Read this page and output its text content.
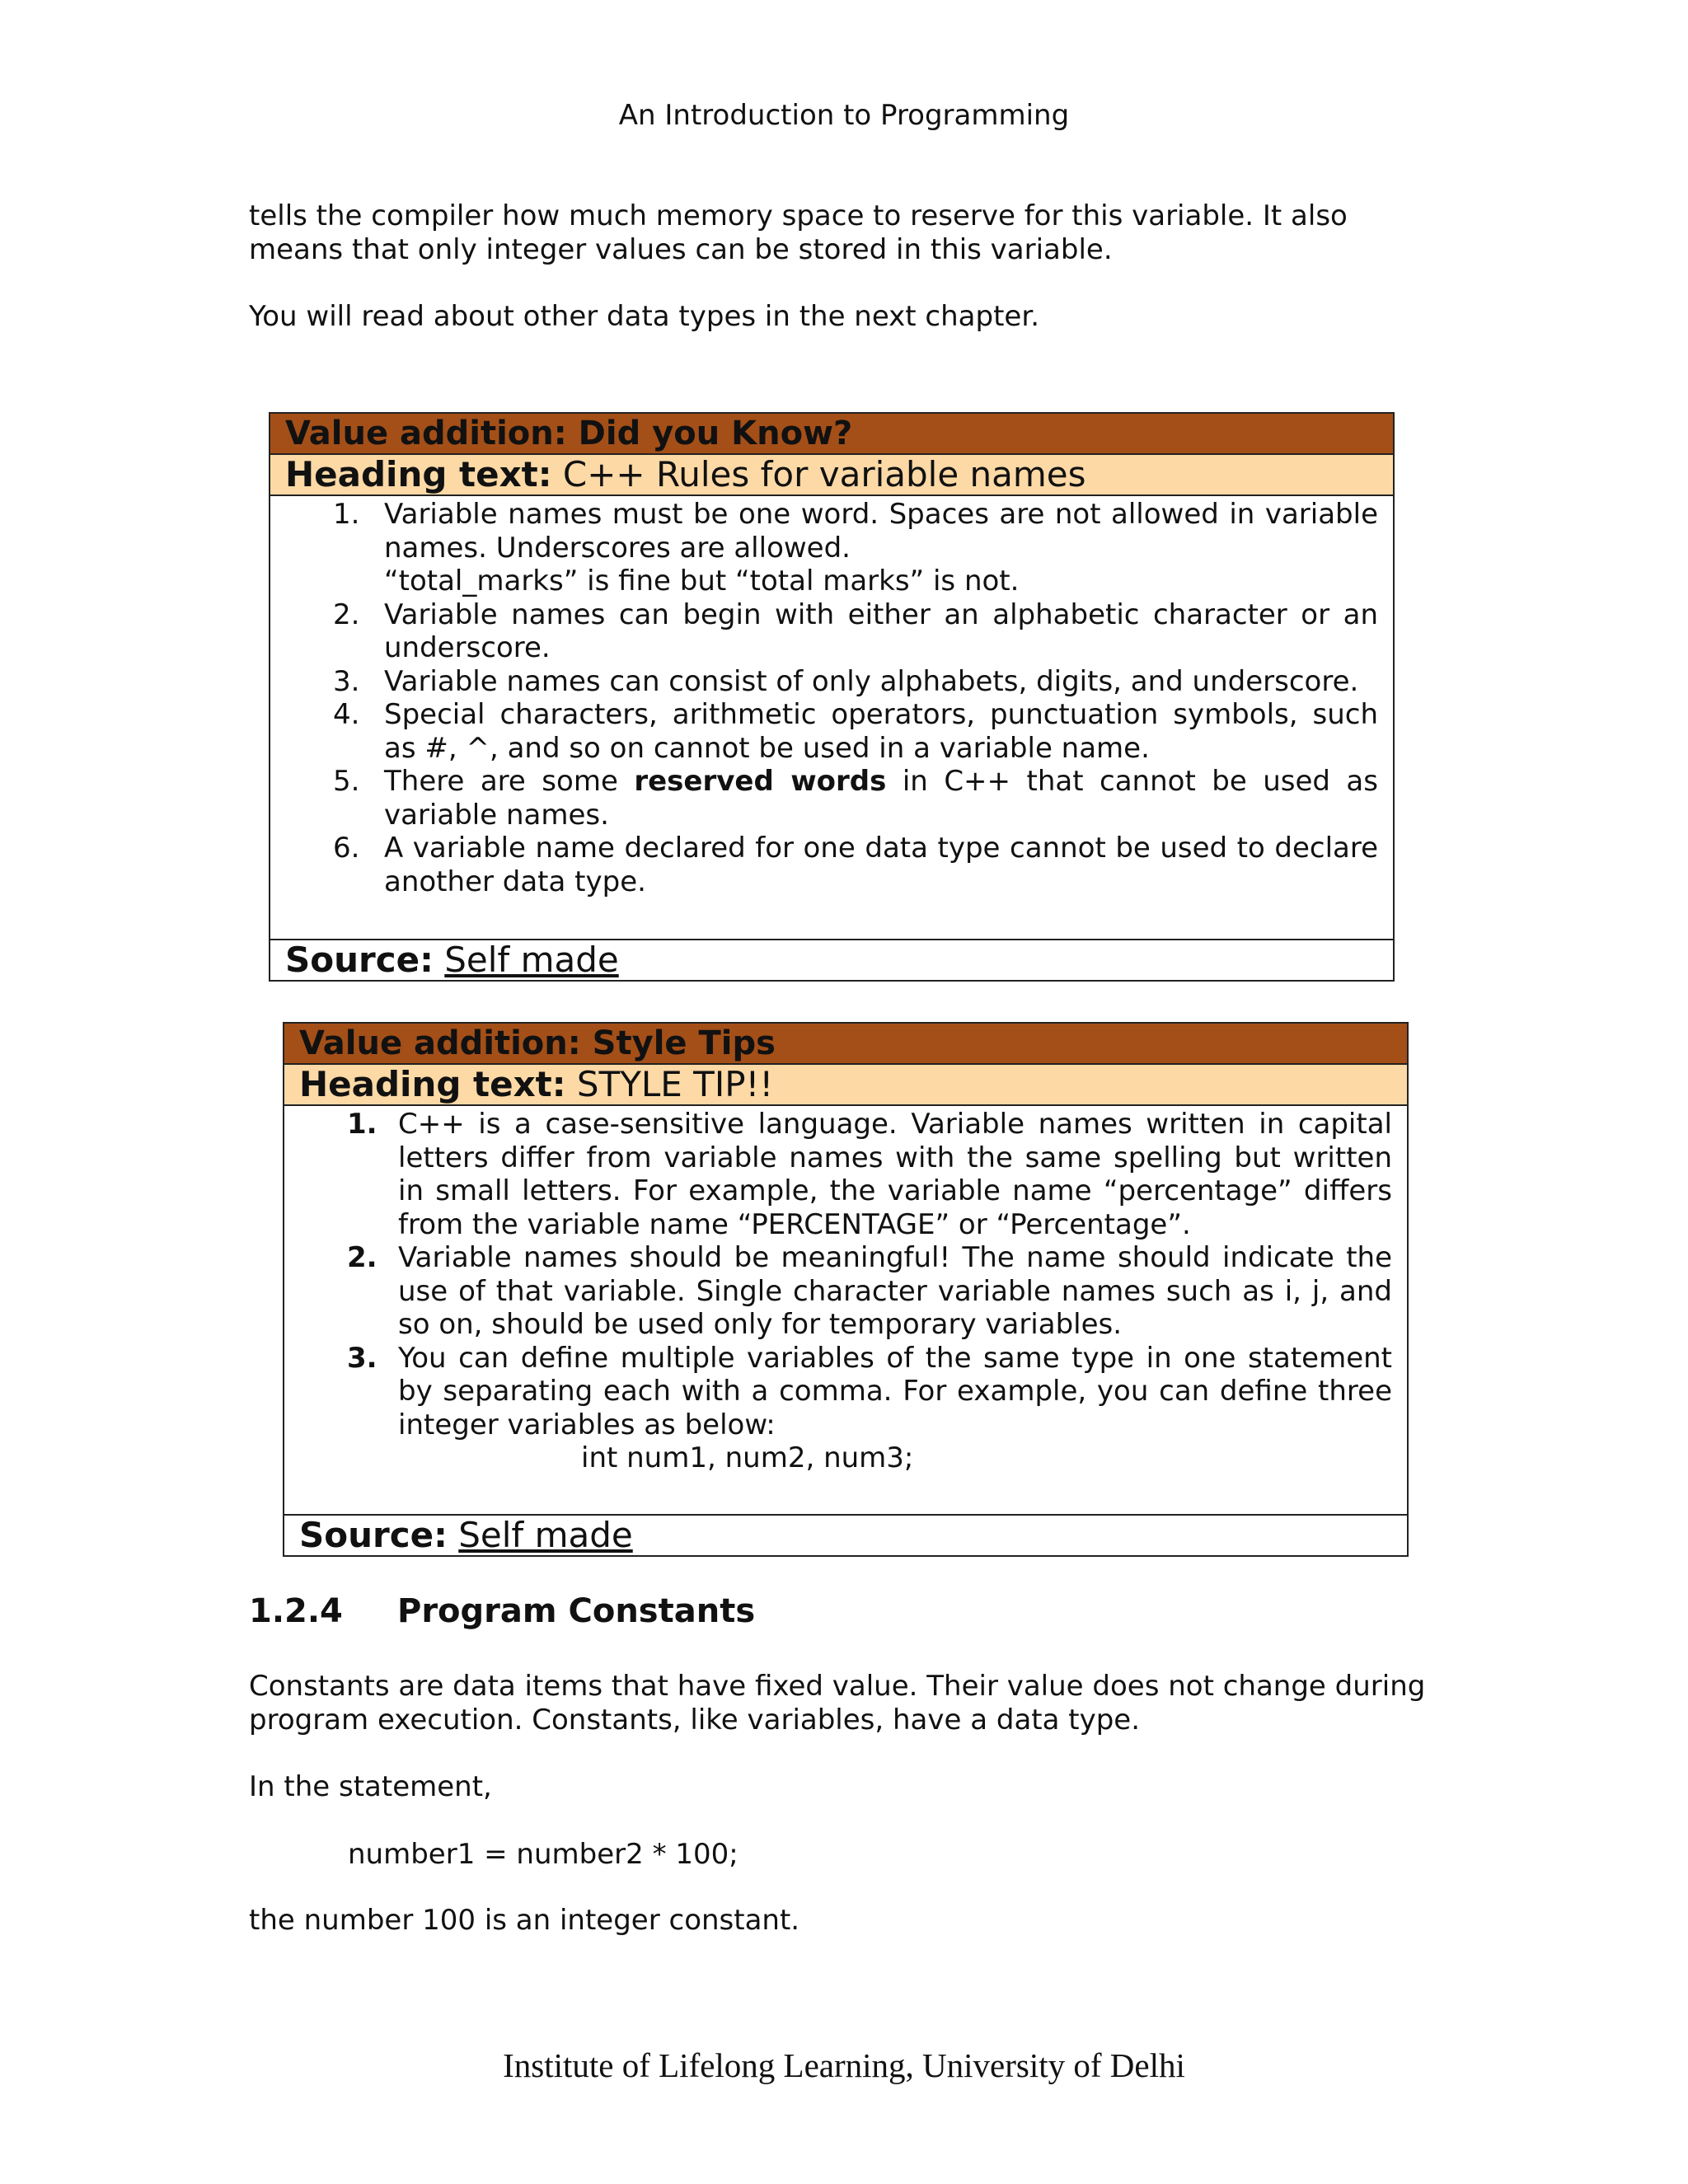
An Introduction to Programming

tells the compiler how much memory space to reserve for this variable. It also means that only integer values can be stored in this variable.

You will read about other data types in the next chapter.

Value addition: Did you Know?
Heading text: C++ Rules for variable names
1. Variable names must be one word. Spaces are not allowed in variable names. Underscores are allowed.
“total_marks” is fine but “total marks” is not.
2. Variable names can begin with either an alphabetic character or an underscore.
3. Variable names can consist of only alphabets, digits, and underscore.
4. Special characters, arithmetic operators, punctuation symbols, such as #, ^, and so on cannot be used in a variable name.
5. There are some reserved words in C++ that cannot be used as variable names.
6. A variable name declared for one data type cannot be used to declare another data type.
Source: Self made
Value addition: Style Tips
Heading text: STYLE TIP!!
1. C++ is a case-sensitive language. Variable names written in capital letters differ from variable names with the same spelling but written in small letters. For example, the variable name “percentage” differs from the variable name “PERCENTAGE” or “Percentage”.
2. Variable names should be meaningful! The name should indicate the use of that variable. Single character variable names such as i, j, and so on, should be used only for temporary variables.
3. You can define multiple variables of the same type in one statement by separating each with a comma. For example, you can define three integer variables as below:
int num1, num2, num3;
Source: Self made
1.2.4 Program Constants

Constants are data items that have fixed value. Their value does not change during program execution. Constants, like variables, have a data type.

In the statement,

number1 = number2 * 100;

the number 100 is an integer constant.

Institute of Lifelong Learning, University of Delhi
